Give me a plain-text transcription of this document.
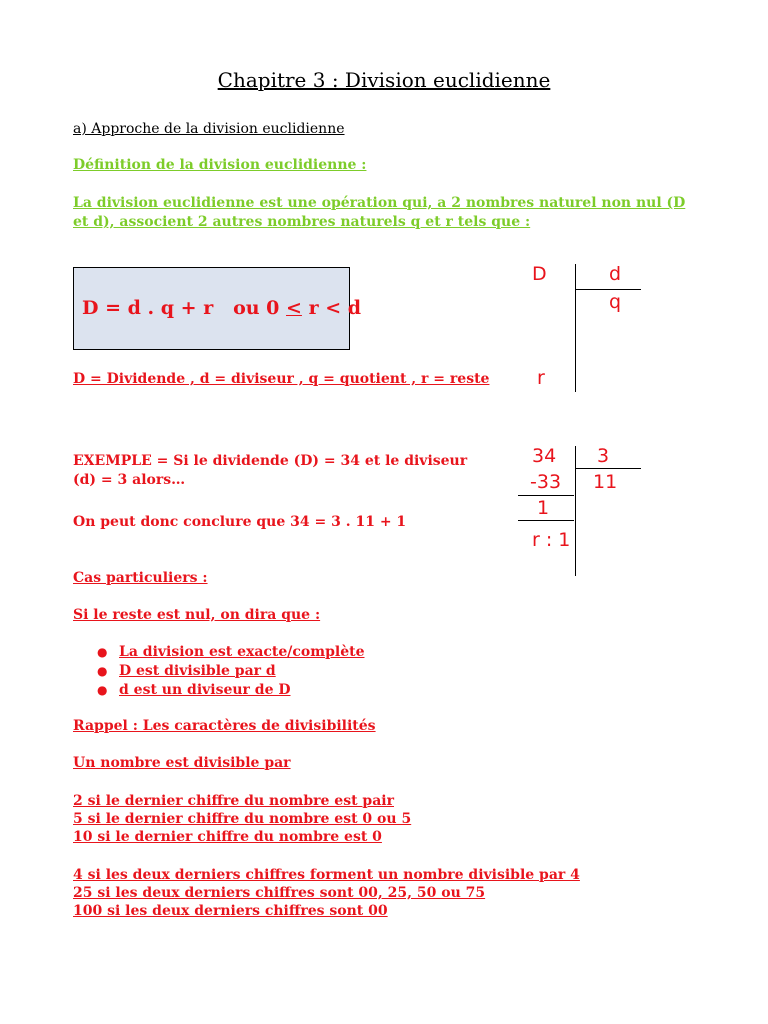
Chapitre 3 : Division euclidienne
a) Approche de la division euclidienne
Définition de la division euclidienne :
La division euclidienne est une opération qui, a 2 nombres naturel non nul (D et d), associent 2 autres nombres naturels q et r tels que :
D = d . q + r ou 0 < r < d
D = Dividende , d = diviseur , q = quotient , r = reste
D	d
q
r
EXEMPLE = Si le dividende (D) = 34 et le diviseur (d) = 3 alors…
On peut donc conclure que 34 = 3 . 11 + 1
34 3
-33 11
1
r : 1
Cas particuliers :
Si le reste est nul, on dira que :
● La division est exacte/complète
● D est divisible par d
● d est un diviseur de D
Rappel : Les caractères de divisibilités
Un nombre est divisible par
2 si le dernier chiffre du nombre est pair
5 si le dernier chiffre du nombre est 0 ou 5
10 si le dernier chiffre du nombre est 0
4 si les deux derniers chiffres forment un nombre divisible par 4
25 si les deux derniers chiffres sont 00, 25, 50 ou 75
100 si les deux derniers chiffres sont 00
